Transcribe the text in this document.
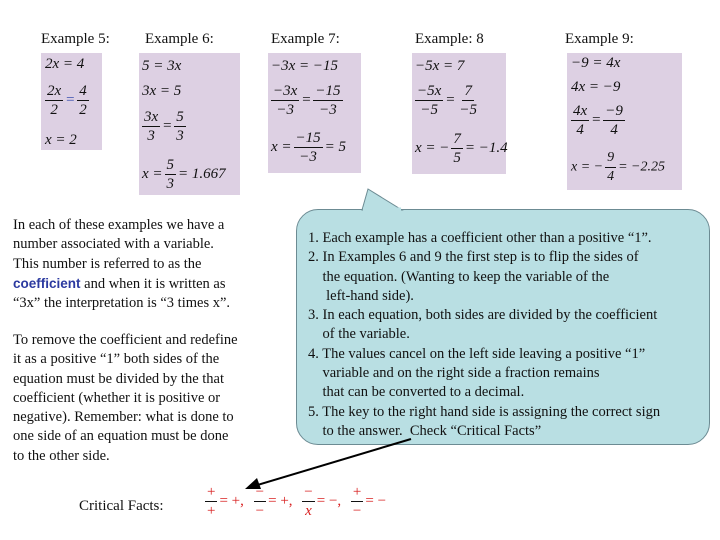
Example 5: Example 6:	Example 7:	Example: 8	Example 9:
2x = 4
$\frac{2x}{2} = \frac{4}{2}$
x = 2
5 = 3x
3x = 5
$\frac{3x}{3} = \frac{5}{3}$
$x = \frac{5}{3} = 1.667$
−3x = −15
$\frac{-3x}{-3} = \frac{-15}{-3}$
$x = \frac{-15}{-3} = 5$
−5x = 7
$\frac{-5x}{-5} = \frac{7}{-5}$
x = − $\frac{7}{5} = -1.4$
−9 = 4x
4x = −9
$\frac{4x}{4} = \frac{-9}{4}$
x = − $\frac{9}{4} = -2.25$
In each of these examples we have a
number associated with a variable.
This number is referred to as the
coefficient and when it is written as
“3x” the interpretation is “3 times x”.
To remove the coefficient and redefine
it as a positive “1” both sides of the
equation must be divided by the that
coefficient (whether it is positive or
negative). Remember: what is done to
one side of an equation must be done
to the other side.
1. Each example has a coefficient other than a positive “1”.
2. In Examples 6 and 9 the first step is to flip the sides of
the equation. (Wanting to keep the variable of the
left-hand side).
3. In each equation, both sides are divided by the coefficient
of the variable.
4. The values cancel on the left side leaving a positive “1”
variable and on the right side a fraction remains
that can be converted to a decimal.
5. The key to the right hand side is assigning the correct sign
to the answer.  Check “Critical Facts”
Critical Facts:	$\frac{+}{+}$ = +, $\frac{-}{-}$ = +, $\frac{-}{x}$ = −, $\frac{+}{-}$ = −
